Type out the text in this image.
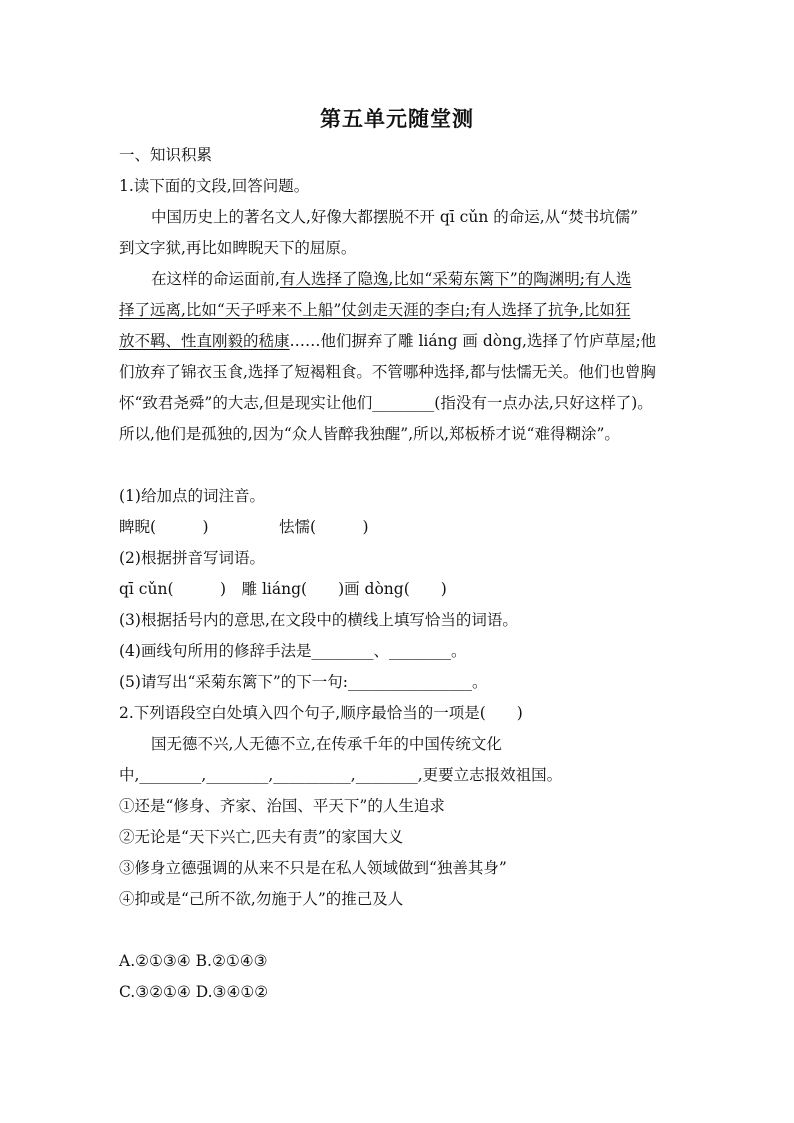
第五单元随堂测
一、知识积累
1.读下面的文段,回答问题。
中国历史上的著名文人,好像大都摆脱不开 qī cǔn 的命运,从“焚书坑儒”
到文字狱,再比如睥睨天下的屈原。
在这样的命运面前,有人选择了隐逸,比如“采菊东篱下”的陶渊明;有人选
择了远离,比如“天子呼来不上船”仗剑走天涯的李白;有人选择了抗争,比如狂
放不羁、性直刚毅的嵇康……他们摒弃了雕 liáng 画 dòng,选择了竹庐草屋;他
们放弃了锦衣玉食,选择了短褐粗食。不管哪种选择,都与怯懦无关。他们也曾胸
怀“致君尧舜”的大志,但是现实让他们________(指没有一点办法,只好这样了)。
所以,他们是孤独的,因为“众人皆醉我独醒”,所以,郑板桥才说“难得糊涂”。
(1)给加点的词注音。
睥睨(　　　)	怯懦(　　　)
(2)根据拼音写词语。
qī cǔn(　　　)　雕 liáng(　　)画 dòng(　　)
(3)根据括号内的意思,在文段中的横线上填写恰当的词语。
(4)画线句所用的修辞手法是________、________。
(5)请写出“采菊东篱下”的下一句:________________。
2.下列语段空白处填入四个句子,顺序最恰当的一项是(　　)
国无德不兴,人无德不立,在传承千年的中国传统文化
中,________,________,__________,________,更要立志报效祖国。
①还是“修身、齐家、治国、平天下”的人生追求
②无论是“天下兴亡,匹夫有责”的家国大义
③修身立德强调的从来不只是在私人领域做到“独善其身”
④抑或是“己所不欲,勿施于人”的推己及人
A.②①③④ B.②①④③
C.③②①④ D.③④①②
